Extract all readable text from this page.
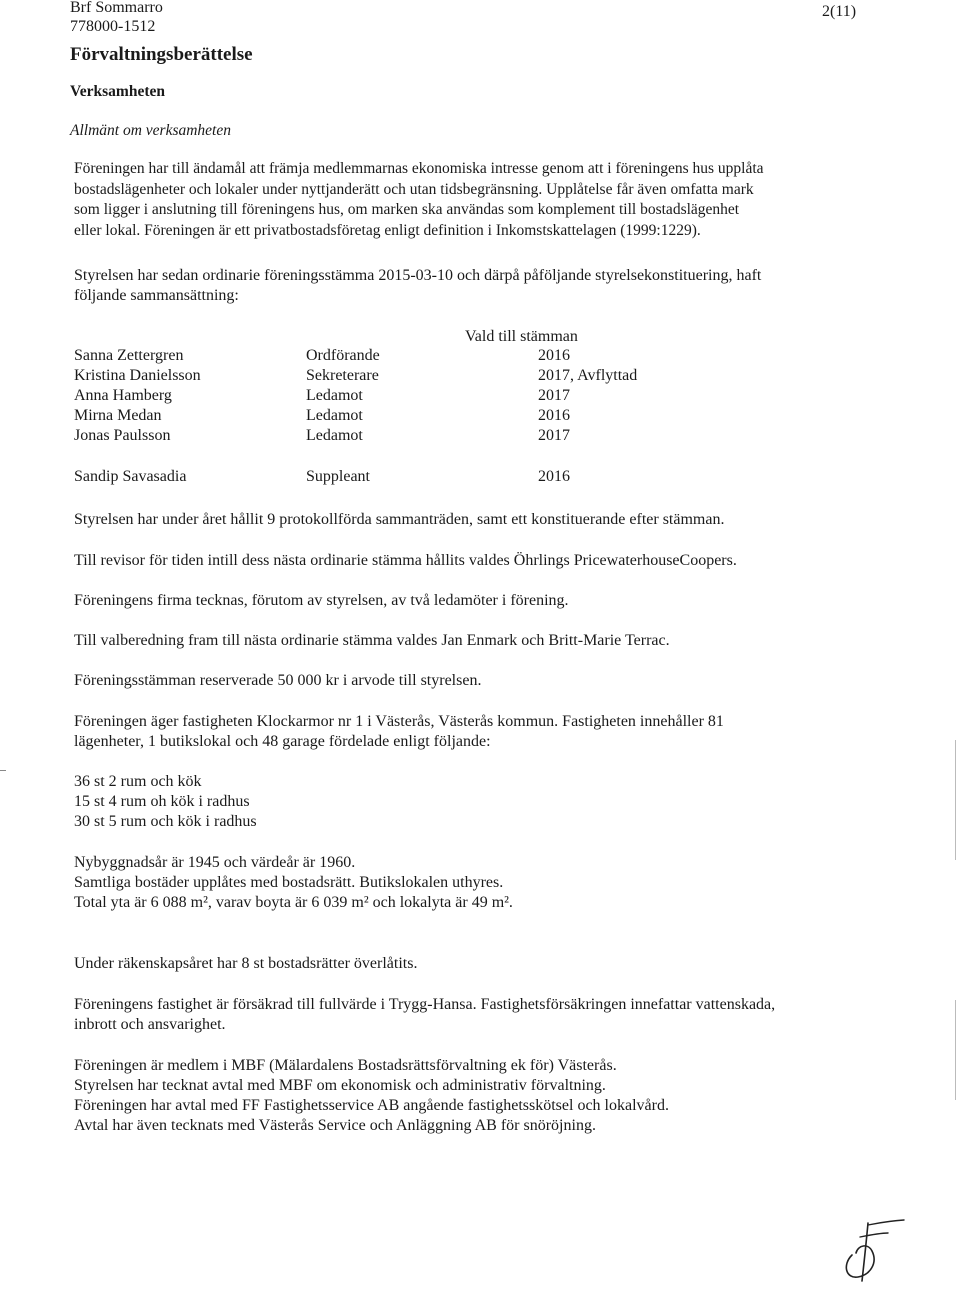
Brf Sommarro
778000-1512
2(11)
Förvaltningsberättelse
Verksamheten
Allmänt om verksamheten
Föreningen har till ändamål att främja medlemmarnas ekonomiska intresse genom att i föreningens hus upplåta
bostadslägenheter och lokaler under nyttjanderätt och utan tidsbegränsning. Upplåtelse får även omfatta mark
som ligger i anslutning till föreningens hus, om marken ska användas som komplement till bostadslägenhet
eller lokal. Föreningen är ett privatbostadsföretag enligt definition i Inkomstskattelagen (1999:1229).
Styrelsen har sedan ordinarie föreningsstämma 2015-03-10 och därpå påföljande styrelsekonstituering, haft
följande sammansättning:
Vald till stämman
Sanna Zettergren	Ordförande	2016
Kristina Danielsson	Sekreterare	2017, Avflyttad
Anna Hamberg	Ledamot	2017
Mirna Medan	Ledamot	2016
Jonas Paulsson	Ledamot	2017
Sandip Savasadia	Suppleant	2016
Styrelsen har under året hållit 9 protokollförda sammanträden, samt ett konstituerande efter stämman.
Till revisor för tiden intill dess nästa ordinarie stämma hållits valdes Öhrlings PricewaterhouseCoopers.
Föreningens firma tecknas, förutom av styrelsen, av två ledamöter i förening.
Till valberedning fram till nästa ordinarie stämma valdes Jan Enmark och Britt-Marie Terrac.
Föreningsstämman reserverade 50 000 kr i arvode till styrelsen.
Föreningen äger fastigheten Klockarmor nr 1 i Västerås, Västerås kommun. Fastigheten innehåller 81
lägenheter, 1 butikslokal och 48 garage fördelade enligt följande:
36 st 2 rum och kök
15 st 4 rum oh kök i radhus
30 st 5 rum och kök i radhus
Nybyggnadsår är 1945 och värdeår är 1960.
Samtliga bostäder upplåtes med bostadsrätt. Butikslokalen uthyres.
Total yta är 6 088 m², varav boyta är 6 039 m² och lokalyta är 49 m².
Under räkenskapsåret har 8 st bostadsrätter överlåtits.
Föreningens fastighet är försäkrad till fullvärde i Trygg-Hansa. Fastighetsförsäkringen innefattar vattenskada,
inbrott och ansvarighet.
Föreningen är medlem i MBF (Mälardalens Bostadsrättsförvaltning ek för) Västerås.
Styrelsen har tecknat avtal med MBF om ekonomisk och administrativ förvaltning.
Föreningen har avtal med FF Fastighetsservice AB angående fastighetsskötsel och lokalvård.
Avtal har även tecknats med Västerås Service och Anläggning AB för snöröjning.
